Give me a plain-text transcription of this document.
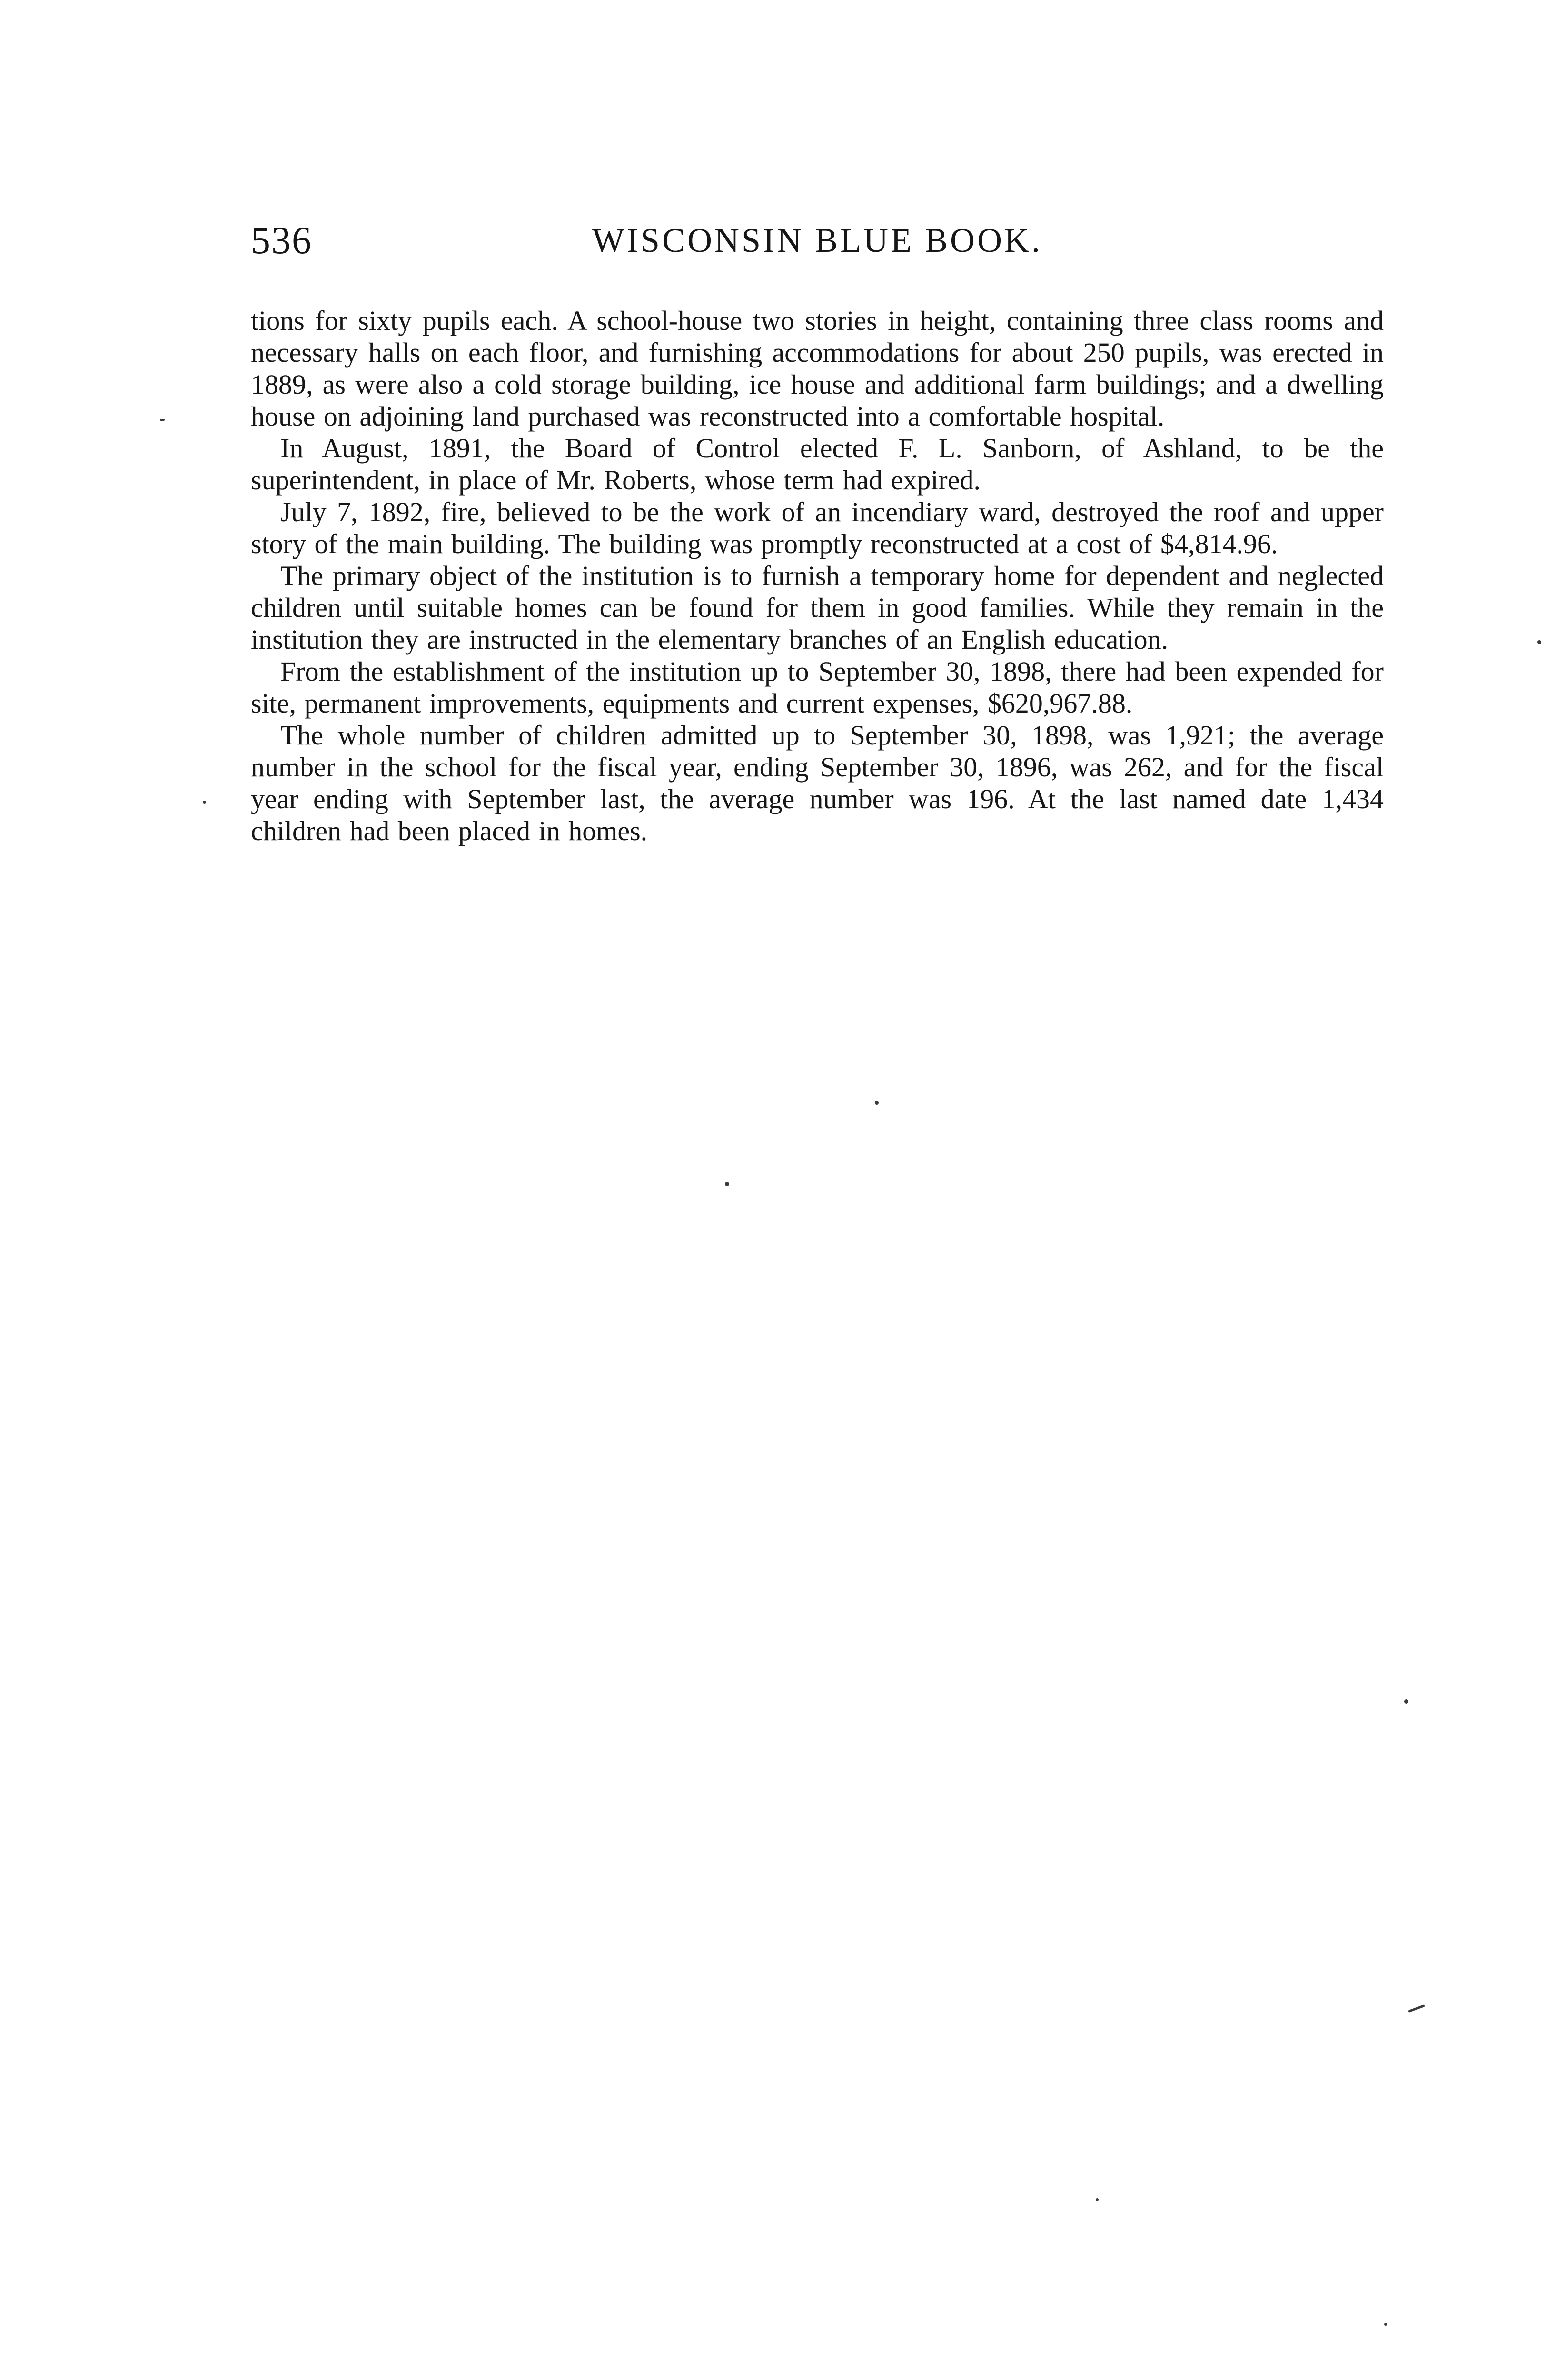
536	WISCONSIN BLUE BOOK.

tions for sixty pupils each. A school-house two stories in height, containing three class rooms and necessary halls on each floor, and furnishing accommodations for about 250 pupils, was erected in 1889, as were also a cold storage building, ice house and additional farm buildings; and a dwelling house on adjoining land purchased was reconstructed into a comfortable hospital.

In August, 1891, the Board of Control elected F. L. Sanborn, of Ashland, to be the superintendent, in place of Mr. Roberts, whose term had expired.

July 7, 1892, fire, believed to be the work of an incendiary ward, destroyed the roof and upper story of the main building. The building was promptly reconstructed at a cost of $4,814.96.

The primary object of the institution is to furnish a temporary home for dependent and neglected children until suitable homes can be found for them in good families. While they remain in the institution they are instructed in the elementary branches of an English education.

From the establishment of the institution up to September 30, 1898, there had been expended for site, permanent improvements, equipments and current expenses, $620,967.88.

The whole number of children admitted up to September 30, 1898, was 1,921; the average number in the school for the fiscal year, ending September 30, 1896, was 262, and for the fiscal year ending with September last, the average number was 196. At the last named date 1,434 children had been placed in homes.
